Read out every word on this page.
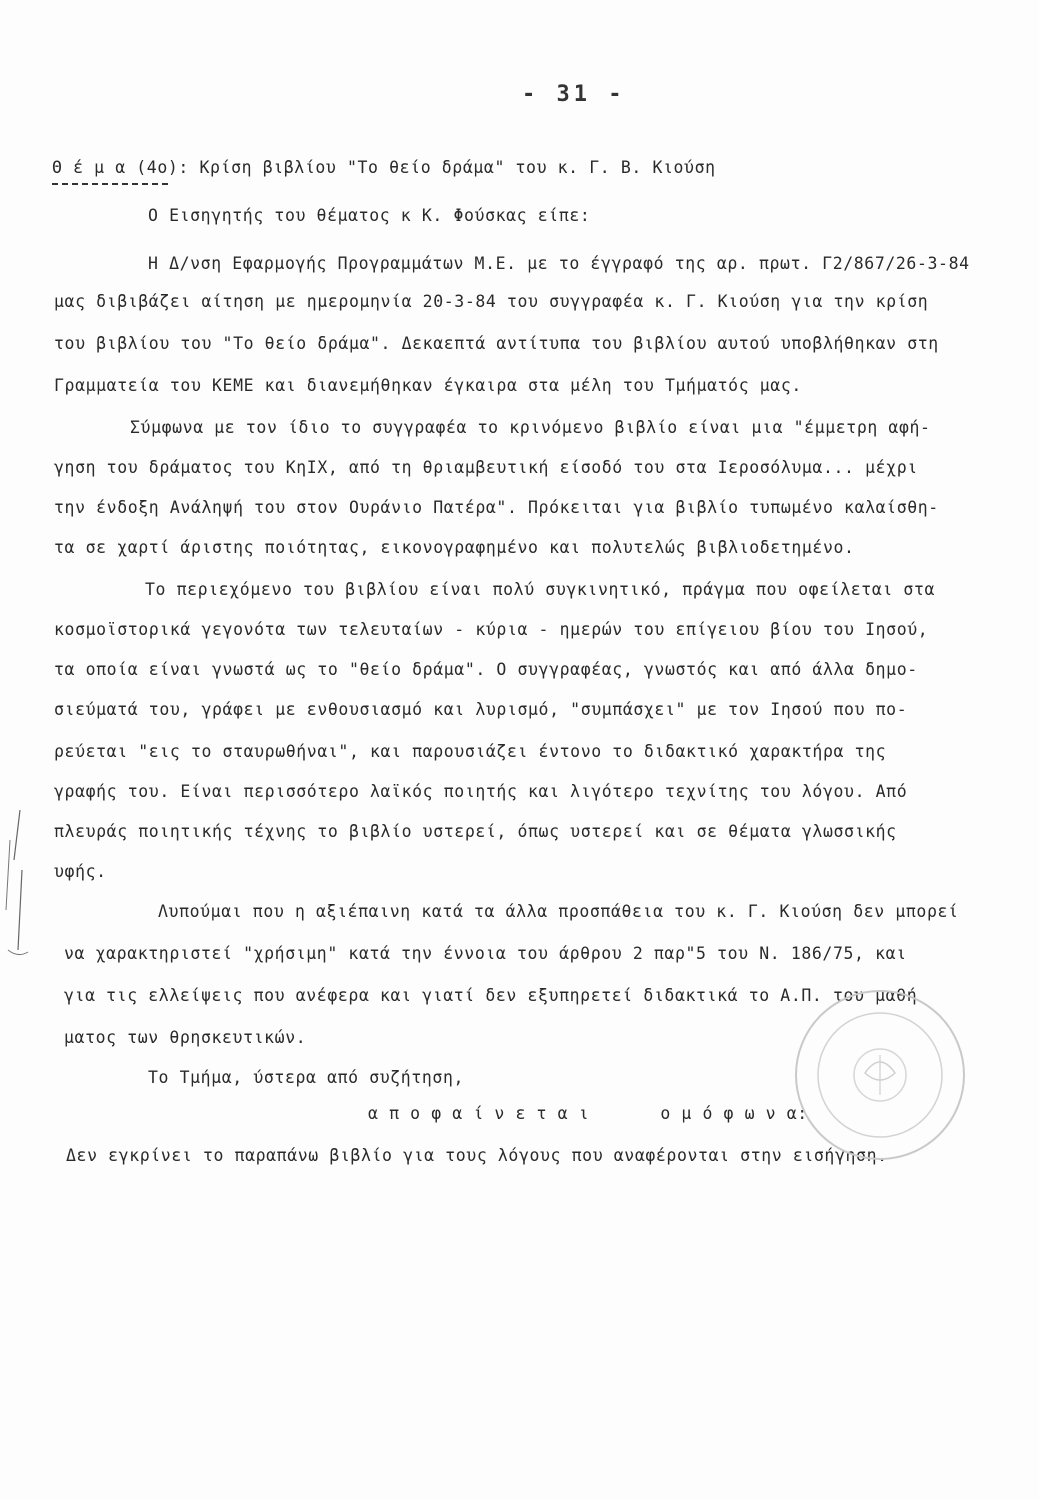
- 31 -
Θ έ μ α (4ο): Κρίση βιβλίου "Το θείο δράμα" του κ. Γ. Β. Κιούση
Ο Εισηγητής του θέματος κ Κ. Φούσκας είπε:
Η Δ/νση Εφαρμογής Προγραμμάτων Μ.Ε. με το έγγραφό της αρ. πρωτ. Γ2/867/26-3-84
μας διβιβάζει αίτηση με ημερομηνία 20-3-84 του συγγραφέα κ. Γ. Κιούση για την κρίση
του βιβλίου του "Το θείο δράμα". Δεκαεπτά αντίτυπα του βιβλίου αυτού υποβλήθηκαν στη
Γραμματεία του ΚΕΜΕ και διανεμήθηκαν έγκαιρα στα μέλη του Τμήματός μας.
Σύμφωνα με τον ίδιο το συγγραφέα το κρινόμενο βιβλίο είναι μια "έμμετρη αφή-
γηση του δράματος του ΚηΙΧ, από τη θριαμβευτική είσοδό του στα Ιεροσόλυμα... μέχρι
την ένδοξη Ανάληψή του στον Ουράνιο Πατέρα". Πρόκειται για βιβλίο τυπωμένο καλαίσθη-
τα σε χαρτί άριστης ποιότητας, εικονογραφημένο και πολυτελώς βιβλιοδετημένο.
Το περιεχόμενο του βιβλίου είναι πολύ συγκινητικό, πράγμα που οφείλεται στα
κοσμοϊστορικά γεγονότα των τελευταίων - κύρια - ημερών του επίγειου βίου του Ιησού,
τα οποία είναι γνωστά ως το "θείο δράμα". Ο συγγραφέας, γνωστός και από άλλα δημο-
σιεύματά του, γράφει με ενθουσιασμό και λυρισμό, "συμπάσχει" με τον Ιησού που πο-
ρεύεται "εις το σταυρωθήναι", και παρουσιάζει έντονο το διδακτικό χαρακτήρα της
γραφής του. Είναι περισσότερο λαϊκός ποιητής και λιγότερο τεχνίτης του λόγου. Από
πλευράς ποιητικής τέχνης το βιβλίο υστερεί, όπως υστερεί και σε θέματα γλωσσικής
υφής.
Λυπούμαι που η αξιέπαινη κατά τα άλλα προσπάθεια του κ. Γ. Κιούση δεν μπορεί
να χαρακτηριστεί "χρήσιμη" κατά την έννοια του άρθρου 2 παρ"5 του Ν. 186/75, και
για τις ελλείψεις που ανέφερα και γιατί δεν εξυπηρετεί διδακτικά το Α.Π. του μαθή
ματος των θρησκευτικών.
Το Τμήμα, ύστερα από συζήτηση,
α π ο φ α ί ν ε τ α ι	ο μ ό φ ω ν α:
Δεν εγκρίνει το παραπάνω βιβλίο για τους λόγους που αναφέρονται στην εισήγηση.
